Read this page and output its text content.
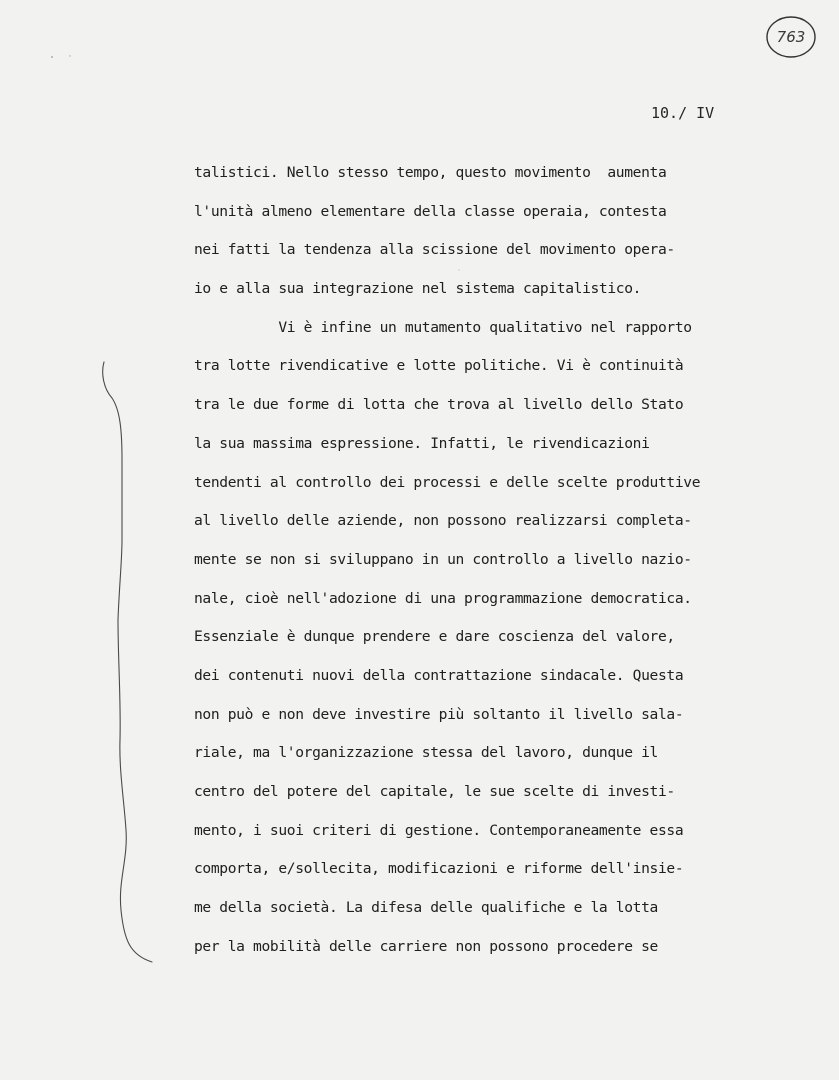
763
10./ IV
talistici. Nello stesso tempo, questo movimento  aumenta
l'unità almeno elementare della classe operaia, contesta
nei fatti la tendenza alla scissione del movimento opera-
io e alla sua integrazione nel sistema capitalistico.
Vi è infine un mutamento qualitativo nel rapporto
tra lotte rivendicative e lotte politiche. Vi è continuità
tra le due forme di lotta che trova al livello dello Stato
la sua massima espressione. Infatti, le rivendicazioni
tendenti al controllo dei processi e delle scelte produttive
al livello delle aziende, non possono realizzarsi completa-
mente se non si sviluppano in un controllo a livello nazio-
nale, cioè nell'adozione di una programmazione democratica.
Essenziale è dunque prendere e dare coscienza del valore,
dei contenuti nuovi della contrattazione sindacale. Questa
non può e non deve investire più soltanto il livello sala-
riale, ma l'organizzazione stessa del lavoro, dunque il
centro del potere del capitale, le sue scelte di investi-
mento, i suoi criteri di gestione. Contemporaneamente essa
comporta, e/sollecita, modificazioni e riforme dell'insie-
me della società. La difesa delle qualifiche e la lotta
per la mobilità delle carriere non possono procedere se
